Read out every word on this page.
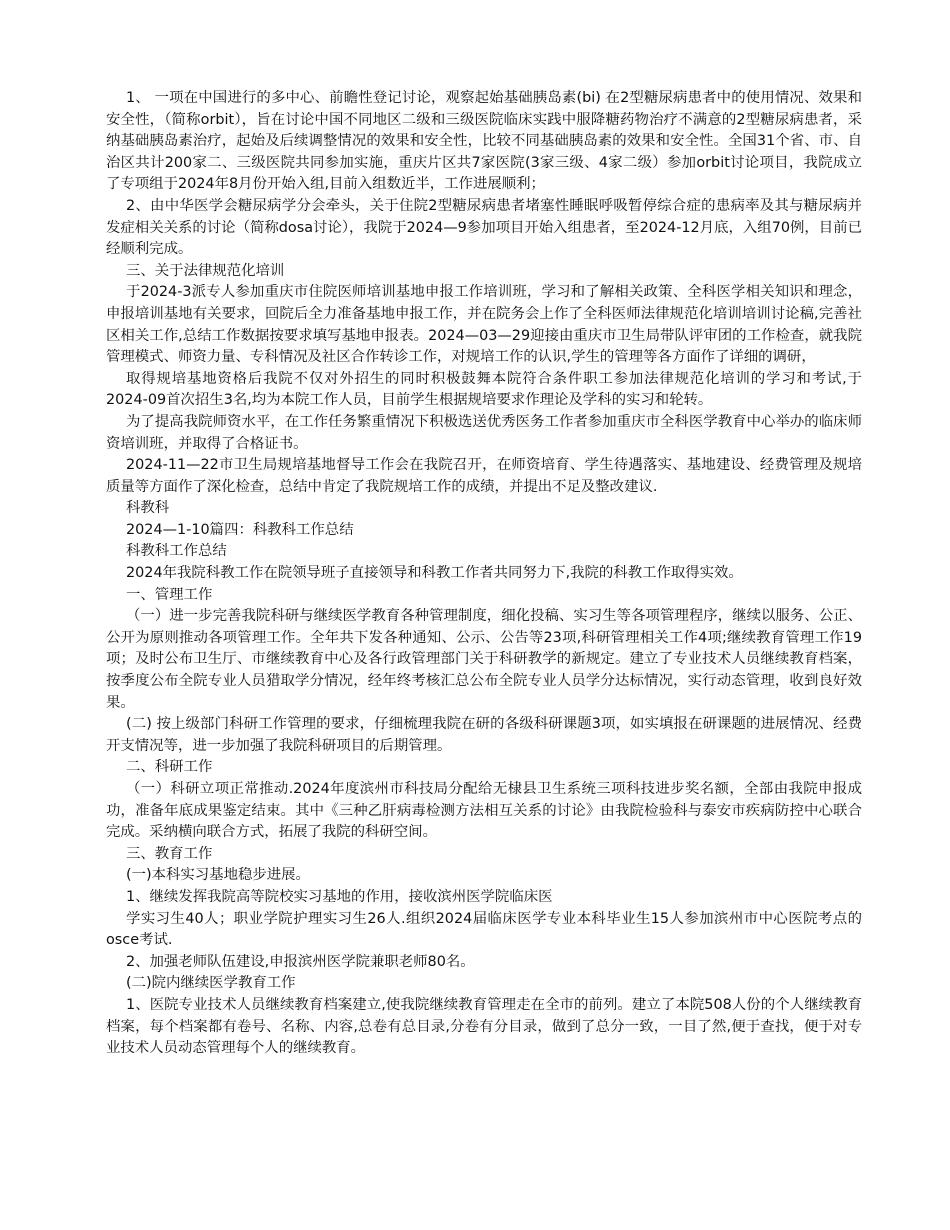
1、 一项在中国进行的多中心、前瞻性登记讨论，观察起始基础胰岛素(bi) 在2型糖尿病患者中的使用情况、效果和安全性，（简称orbit），旨在讨论中国不同地区二级和三级医院临床实践中服降糖药物治疗不满意的2型糖尿病患者，采纳基础胰岛素治疗，起始及后续调整情况的效果和安全性，比较不同基础胰岛素的效果和安全性。全国31个省、市、自治区共计200家二、三级医院共同参加实施，重庆片区共7家医院(3家三级、4家二级）参加orbit讨论项目，我院成立了专项组于2024年8月份开始入组,目前入组数近半，工作进展顺利；

2、由中华医学会糖尿病学分会牵头，关于住院2型糖尿病患者堵塞性睡眠呼吸暂停综合症的患病率及其与糖尿病并发症相关关系的讨论（简称dosa讨论），我院于2024—9参加项目开始入组患者，至2024-12月底，入组70例，目前已经顺利完成。

三、关于法律规范化培训

于2024-3派专人参加重庆市住院医师培训基地申报工作培训班，学习和了解相关政策、全科医学相关知识和理念，申报培训基地有关要求，回院后全力准备基地申报工作，并在院务会上作了全科医师法律规范化培训培训讨论稿,完善社区相关工作,总结工作数据按要求填写基地申报表。2024—03—29迎接由重庆市卫生局带队评审团的工作检查，就我院管理模式、师资力量、专科情况及社区合作转诊工作，对规培工作的认识,学生的管理等各方面作了详细的调研，

取得规培基地资格后我院不仅对外招生的同时积极鼓舞本院符合条件职工参加法律规范化培训的学习和考试,于2024-09首次招生3名,均为本院工作人员，目前学生根据规培要求作理论及学科的实习和轮转。

为了提高我院师资水平，在工作任务繁重情况下积极选送优秀医务工作者参加重庆市全科医学教育中心举办的临床师资培训班，并取得了合格证书。

2024-11—22市卫生局规培基地督导工作会在我院召开，在师资培育、学生待遇落实、基地建设、经费管理及规培质量等方面作了深化检查，总结中肯定了我院规培工作的成绩，并提出不足及整改建议.

科教科

2024—1-10篇四：科教科工作总结

科教科工作总结

2024年我院科教工作在院领导班子直接领导和科教工作者共同努力下,我院的科教工作取得实效。

一、管理工作

（一）进一步完善我院科研与继续医学教育各种管理制度，细化投稿、实习生等各项管理程序，继续以服务、公正、公开为原则推动各项管理工作。全年共下发各种通知、公示、公告等23项,科研管理相关工作4项;继续教育管理工作19项；及时公布卫生厅、市继续教育中心及各行政管理部门关于科研教学的新规定。建立了专业技术人员继续教育档案，按季度公布全院专业人员猎取学分情况，经年终考核汇总公布全院专业人员学分达标情况，实行动态管理，收到良好效果。

(二) 按上级部门科研工作管理的要求，仔细梳理我院在研的各级科研课题3项，如实填报在研课题的进展情况、经费开支情况等，进一步加强了我院科研项目的后期管理。

二、科研工作

（一）科研立项正常推动.2024年度滨州市科技局分配给无棣县卫生系统三项科技进步奖名额，全部由我院申报成功，准备年底成果鉴定结束。其中《三种乙肝病毒检测方法相互关系的讨论》由我院检验科与泰安市疾病防控中心联合完成。采纳横向联合方式，拓展了我院的科研空间。

三、教育工作

(一)本科实习基地稳步进展。

1、继续发挥我院高等院校实习基地的作用，接收滨州医学院临床医

学实习生40人；职业学院护理实习生26人.组织2024届临床医学专业本科毕业生15人参加滨州市中心医院考点的osce考试.

2、加强老师队伍建设,申报滨州医学院兼职老师80名。

(二)院内继续医学教育工作

1、医院专业技术人员继续教育档案建立,使我院继续教育管理走在全市的前列。建立了本院508人份的个人继续教育档案，每个档案都有卷号、名称、内容,总卷有总目录,分卷有分目录，做到了总分一致，一目了然,便于查找，便于对专业技术人员动态管理每个人的继续教育。
